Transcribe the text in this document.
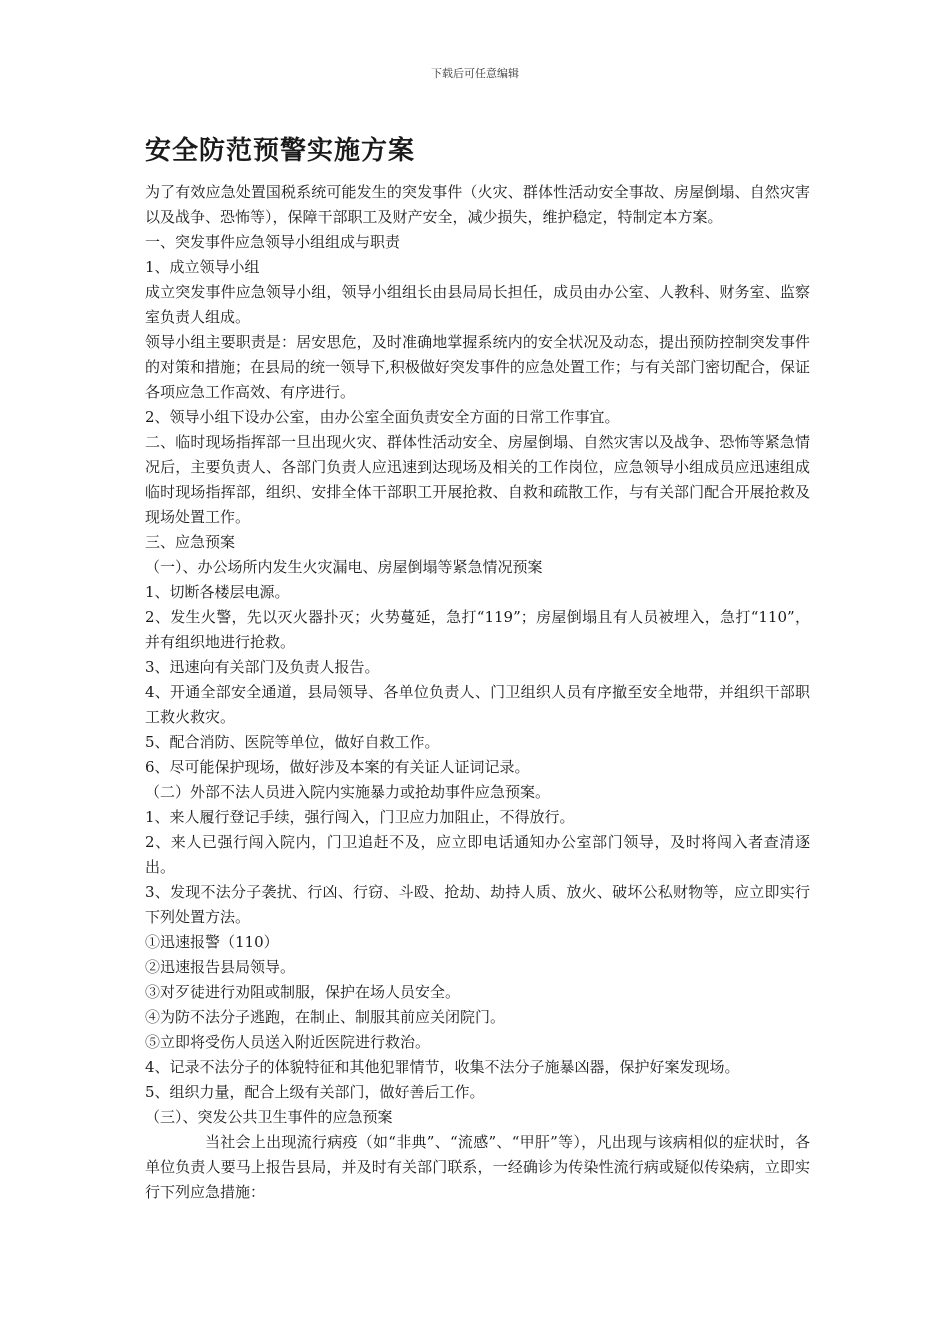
下载后可任意编辑
安全防范预警实施方案

为了有效应急处置国税系统可能发生的突发事件（火灾、群体性活动安全事故、房屋倒塌、自然灾害以及战争、恐怖等），保障干部职工及财产安全，减少损失，维护稳定，特制定本方案。

一、突发事件应急领导小组组成与职责

1、成立领导小组

成立突发事件应急领导小组，领导小组组长由县局局长担任，成员由办公室、人教科、财务室、监察室负责人组成。

领导小组主要职责是：居安思危，及时准确地掌握系统内的安全状况及动态，提出预防控制突发事件的对策和措施；在县局的统一领导下,积极做好突发事件的应急处置工作；与有关部门密切配合，保证各项应急工作高效、有序进行。

2、领导小组下设办公室，由办公室全面负责安全方面的日常工作事宜。

二、临时现场指挥部一旦出现火灾、群体性活动安全、房屋倒塌、自然灾害以及战争、恐怖等紧急情况后，主要负责人、各部门负责人应迅速到达现场及相关的工作岗位，应急领导小组成员应迅速组成临时现场指挥部，组织、安排全体干部职工开展抢救、自救和疏散工作，与有关部门配合开展抢救及现场处置工作。

三、应急预案

（一）、办公场所内发生火灾漏电、房屋倒塌等紧急情况预案

1、切断各楼层电源。

2、发生火警，先以灭火器扑灭；火势蔓延，急打“119”；房屋倒塌且有人员被埋入，急打“110”，并有组织地进行抢救。

3、迅速向有关部门及负责人报告。

4、开通全部安全通道，县局领导、各单位负责人、门卫组织人员有序撤至安全地带，并组织干部职工救火救灾。

5、配合消防、医院等单位，做好自救工作。

6、尽可能保护现场，做好涉及本案的有关证人证词记录。

（二）外部不法人员进入院内实施暴力或抢劫事件应急预案。

1、来人履行登记手续，强行闯入，门卫应力加阻止，不得放行。

2、来人已强行闯入院内，门卫追赶不及，应立即电话通知办公室部门领导，及时将闯入者查清逐出。

3、发现不法分子袭扰、行凶、行窃、斗殴、抢劫、劫持人质、放火、破坏公私财物等，应立即实行下列处置方法。

①迅速报警（110）

②迅速报告县局领导。

③对歹徒进行劝阻或制服，保护在场人员安全。

④为防不法分子逃跑，在制止、制服其前应关闭院门。

⑤立即将受伤人员送入附近医院进行救治。

4、记录不法分子的体貌特征和其他犯罪情节，收集不法分子施暴凶器，保护好案发现场。

5、组织力量，配合上级有关部门，做好善后工作。

（三）、突发公共卫生事件的应急预案

当社会上出现流行病疫（如“非典”、“流感”、“甲肝”等），凡出现与该病相似的症状时，各单位负责人要马上报告县局，并及时有关部门联系，一经确诊为传染性流行病或疑似传染病，立即实行下列应急措施：
